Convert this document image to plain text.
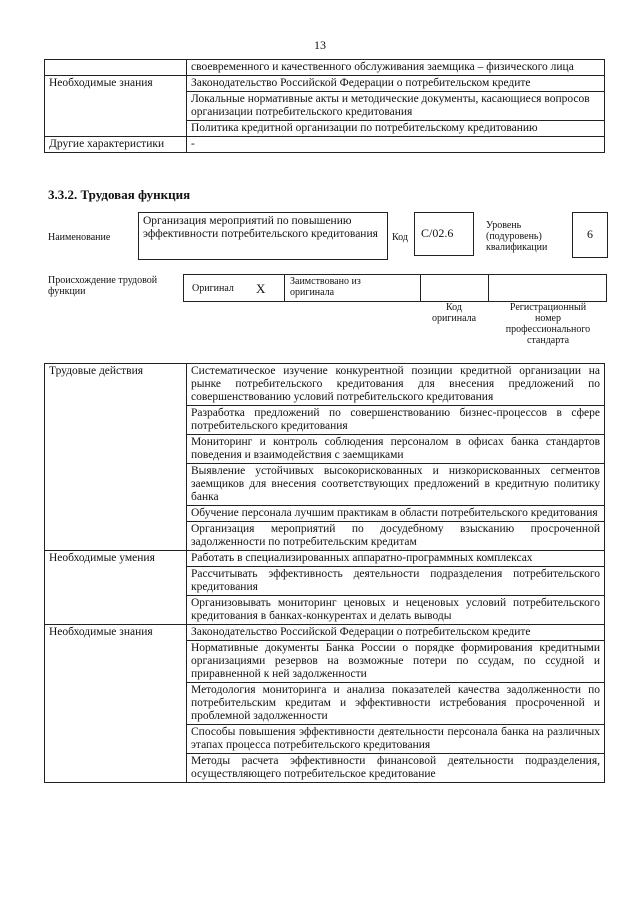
13
	своевременного и качественного обслуживания заемщика – физического лица
Необходимые знания	Законодательство Российской Федерации о потребительском кредите
	Локальные нормативные акты и методические документы, касающиеся вопросов организации потребительского кредитования
	Политика кредитной организации по потребительскому кредитованию
Другие характеристики	-
3.3.2. Трудовая функция
Наименование
Организация мероприятий по повышению эффективности потребительского кредитования	Код	C/02.6
Уровень (подуровень) квалификации
6
Происхождение трудовой функции	Оригинал X Заимствовано из оригинала
Код оригинала
Регистрационный номер профессионального стандарта
Трудовые действия	Систематическое изучение конкурентной позиции кредитной организации на рынке потребительского кредитования для внесения предложений по совершенствованию условий потребительского кредитования
	Разработка предложений по совершенствованию бизнес-процессов в сфере потребительского кредитования
	Мониторинг и контроль соблюдения персоналом в офисах банка стандартов поведения и взаимодействия с заемщиками
	Выявление устойчивых высокорискованных и низкорискованных сегментов заемщиков для внесения соответствующих предложений в кредитную политику банка
	Обучение персонала лучшим практикам в области потребительского кредитования
	Организация мероприятий по досудебному взысканию просроченной задолженности по потребительским кредитам
Необходимые умения	Работать в специализированных аппаратно-программных комплексах
	Рассчитывать эффективность деятельности подразделения потребительского кредитования
	Организовывать мониторинг ценовых и неценовых условий потребительского кредитования в банках-конкурентах и делать выводы
Необходимые знания	Законодательство Российской Федерации о потребительском кредите
	Нормативные документы Банка России о порядке формирования кредитными организациями резервов на возможные потери по ссудам, по ссудной и приравненной к ней задолженности
	Методология мониторинга и анализа показателей качества задолженности по потребительским кредитам и эффективности истребования просроченной и проблемной задолженности
	Способы повышения эффективности деятельности персонала банка на различных этапах процесса потребительского кредитования
	Методы расчета эффективности финансовой деятельности подразделения, осуществляющего потребительское кредитование
